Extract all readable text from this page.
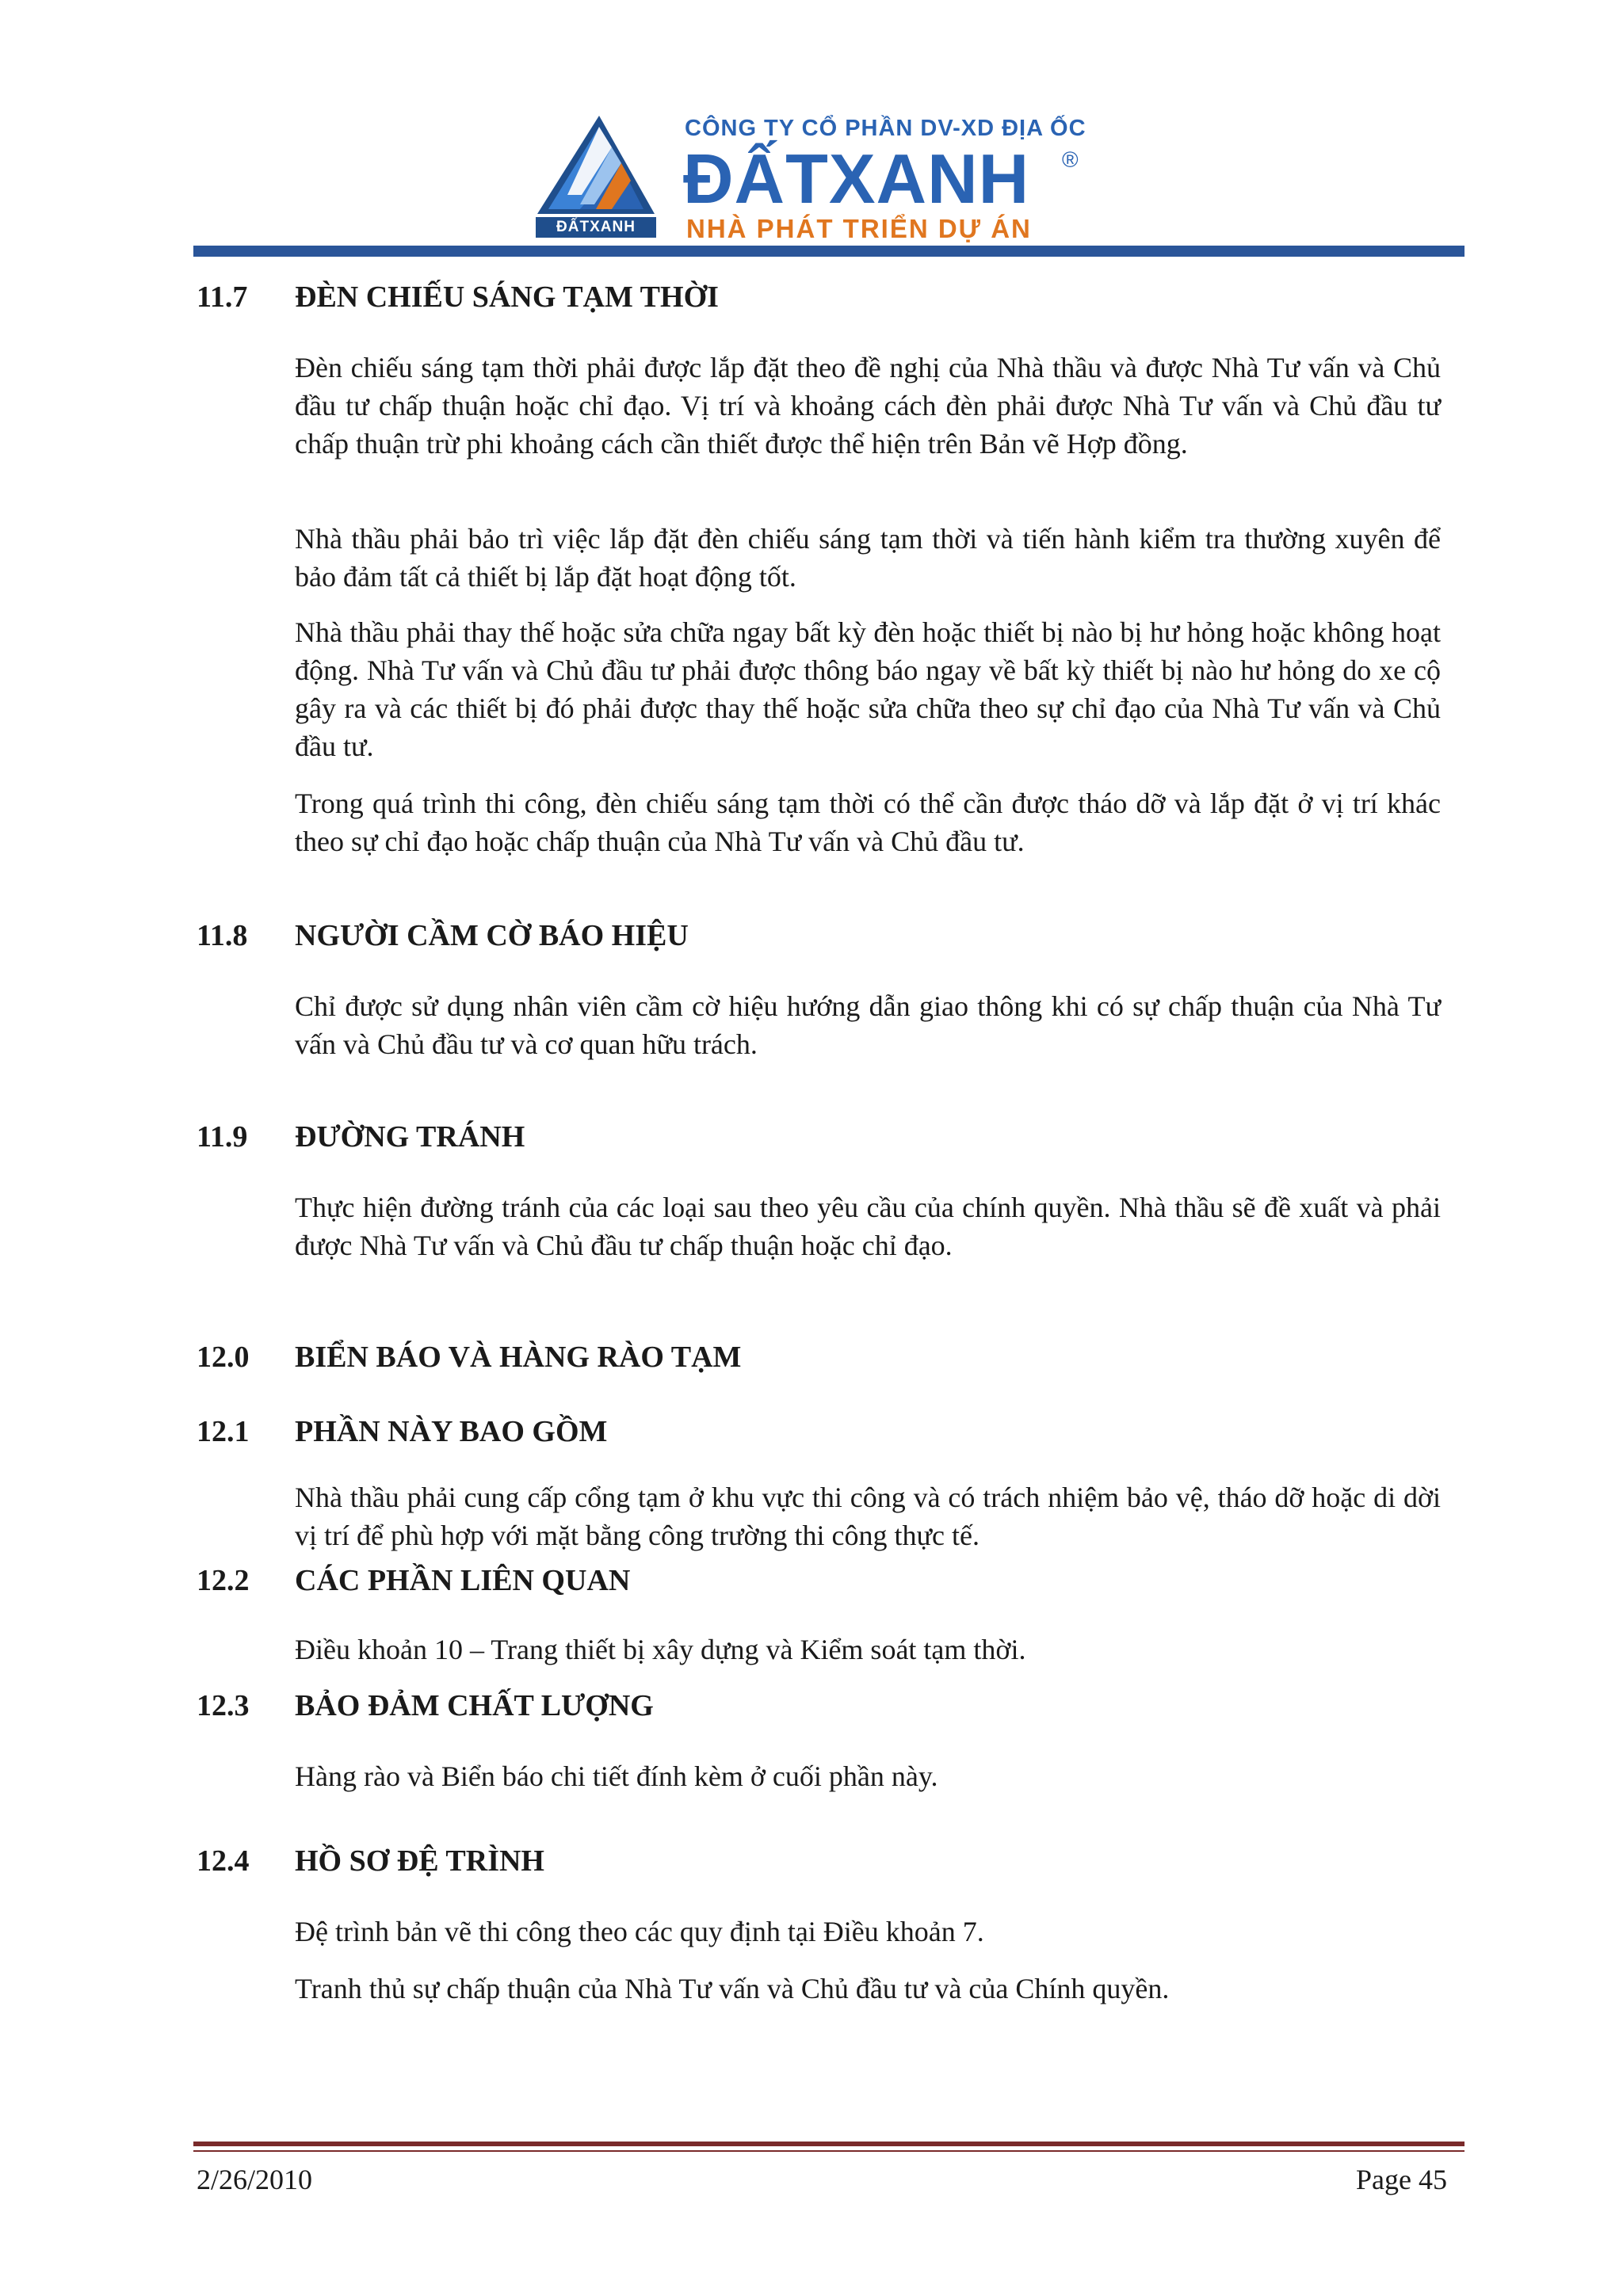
ĐẤTXANH
CÔNG TY CỔ PHẦN DV-XD ĐỊA ỐC
ĐẤTXANH ®
NHÀ PHÁT TRIỂN DỰ ÁN
11.7 ĐÈN CHIẾU SÁNG TẠM THỜI

Đèn chiếu sáng tạm thời phải được lắp đặt theo đề nghị của Nhà thầu và được Nhà Tư vấn và Chủ đầu tư chấp thuận hoặc chỉ đạo. Vị trí và khoảng cách đèn phải được Nhà Tư vấn và Chủ đầu tư chấp thuận trừ phi khoảng cách cần thiết được thể hiện trên Bản vẽ Hợp đồng.

Nhà thầu phải bảo trì việc lắp đặt đèn chiếu sáng tạm thời và tiến hành kiểm tra thường xuyên để bảo đảm tất cả thiết bị lắp đặt hoạt động tốt.

Nhà thầu phải thay thế hoặc sửa chữa ngay bất kỳ đèn hoặc thiết bị nào bị hư hỏng hoặc không hoạt động. Nhà Tư vấn và Chủ đầu tư phải được thông báo ngay về bất kỳ thiết bị nào hư hỏng do xe cộ gây ra và các thiết bị đó phải được thay thế hoặc sửa chữa theo sự chỉ đạo của Nhà Tư vấn và Chủ đầu tư.

Trong quá trình thi công, đèn chiếu sáng tạm thời có thể cần được tháo dỡ và lắp đặt ở vị trí khác theo sự chỉ đạo hoặc chấp thuận của Nhà Tư vấn và Chủ đầu tư.

11.8 NGƯỜI CẦM CỜ BÁO HIỆU

Chỉ được sử dụng nhân viên cầm cờ hiệu hướng dẫn giao thông khi có sự chấp thuận của Nhà Tư vấn và Chủ đầu tư và cơ quan hữu trách.

11.9 ĐƯỜNG TRÁNH

Thực hiện đường tránh của các loại sau theo yêu cầu của chính quyền. Nhà thầu sẽ đề xuất và phải được Nhà Tư vấn và Chủ đầu tư chấp thuận hoặc chỉ đạo.

12.0 BIỂN BÁO VÀ HÀNG RÀO TẠM
12.1 PHẦN NÀY BAO GỒM

Nhà thầu phải cung cấp cổng tạm ở khu vực thi công và có trách nhiệm bảo vệ, tháo dỡ hoặc di dời vị trí để phù hợp với mặt bằng công trường thi công thực tế.

12.2 CÁC PHẦN LIÊN QUAN

Điều khoản 10 – Trang thiết bị xây dựng và Kiểm soát tạm thời.

12.3 BẢO ĐẢM CHẤT LƯỢNG

Hàng rào và Biển báo chi tiết đính kèm ở cuối phần này.

12.4 HỒ SƠ ĐỆ TRÌNH

Đệ trình bản vẽ thi công theo các quy định tại Điều khoản 7.

Tranh thủ sự chấp thuận của Nhà Tư vấn và Chủ đầu tư và của Chính quyền.

2/26/2010	Page 45
